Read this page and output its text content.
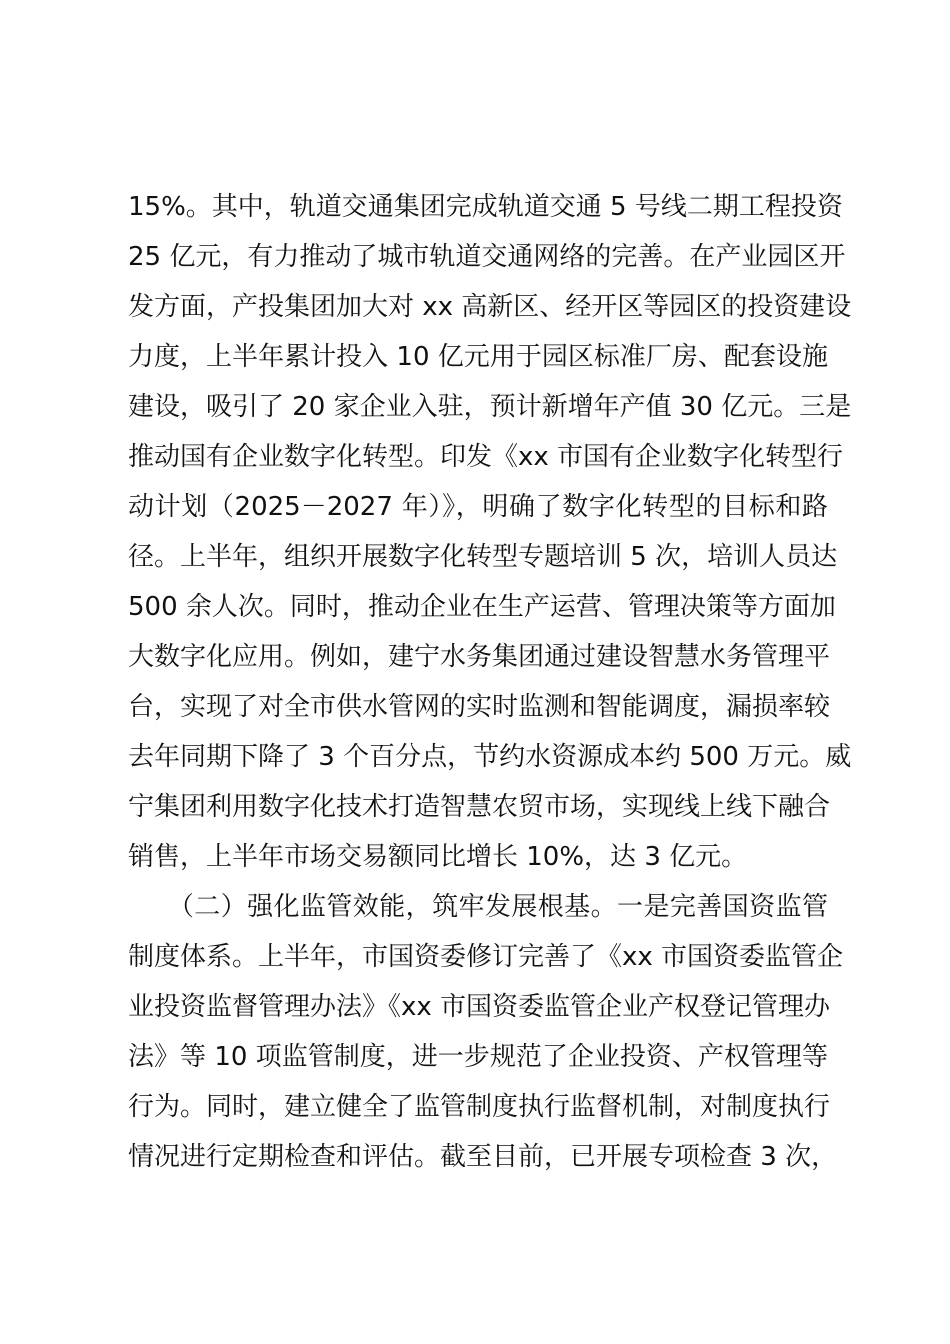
15%。其中，轨道交通集团完成轨道交通 5 号线二期工程投资
25 亿元，有力推动了城市轨道交通网络的完善。在产业园区开
发方面，产投集团加大对 xx 高新区、经开区等园区的投资建设
力度，上半年累计投入 10 亿元用于园区标准厂房、配套设施
建设，吸引了 20 家企业入驻，预计新增年产值 30 亿元。三是
推动国有企业数字化转型。印发《xx 市国有企业数字化转型行
动计划（2025－2027 年）》，明确了数字化转型的目标和路
径。上半年，组织开展数字化转型专题培训 5 次，培训人员达
500 余人次。同时，推动企业在生产运营、管理决策等方面加
大数字化应用。例如，建宁水务集团通过建设智慧水务管理平
台，实现了对全市供水管网的实时监测和智能调度，漏损率较
去年同期下降了 3 个百分点，节约水资源成本约 500 万元。威
宁集团利用数字化技术打造智慧农贸市场，实现线上线下融合
销售，上半年市场交易额同比增长 10%，达 3 亿元。
　　（二）强化监管效能，筑牢发展根基。一是完善国资监管
制度体系。上半年，市国资委修订完善了《xx 市国资委监管企
业投资监督管理办法》《xx 市国资委监管企业产权登记管理办
法》等 10 项监管制度，进一步规范了企业投资、产权管理等
行为。同时，建立健全了监管制度执行监督机制，对制度执行
情况进行定期检查和评估。截至目前，已开展专项检查 3 次，
